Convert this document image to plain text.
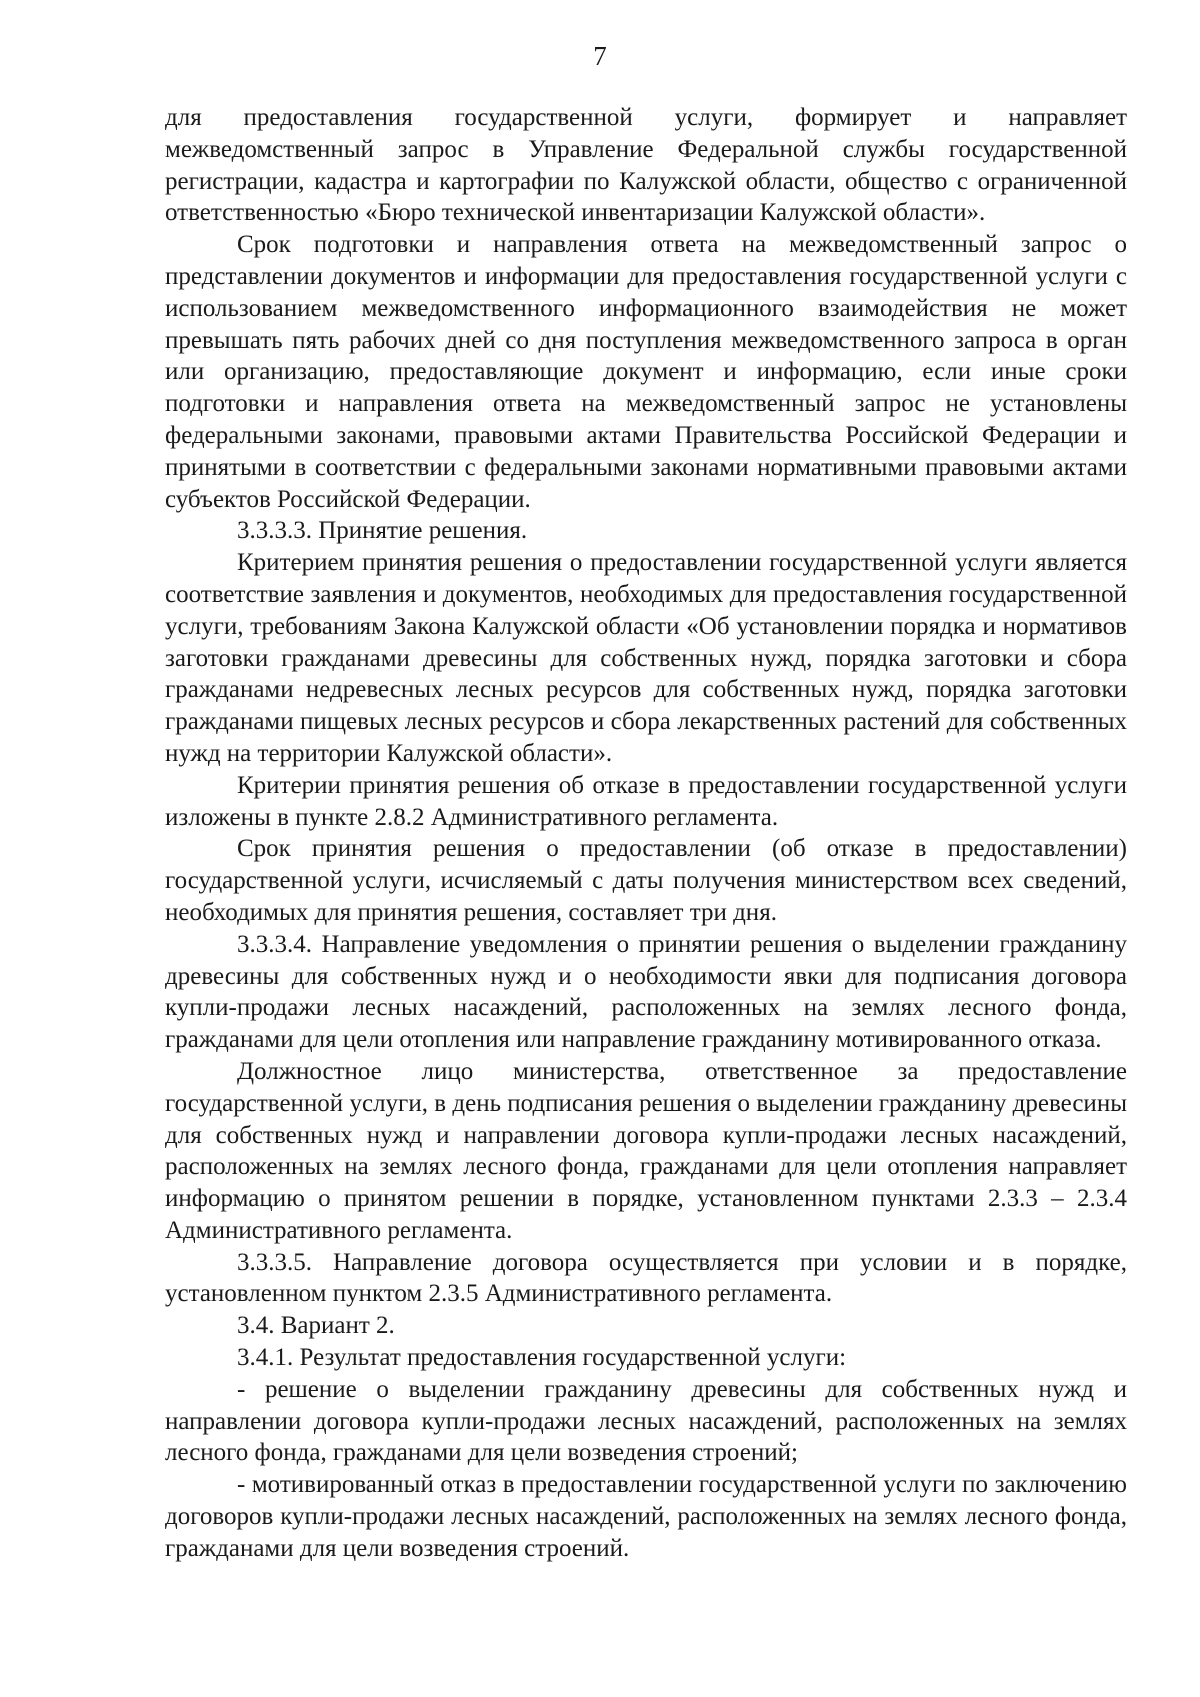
7

для предоставления государственной услуги, формирует и направляет межведомственный запрос в Управление Федеральной службы государственной регистрации, кадастра и картографии по Калужской области, общество с ограниченной ответственностью «Бюро технической инвентаризации Калужской области».

Срок подготовки и направления ответа на межведомственный запрос о представлении документов и информации для предоставления государственной услуги с использованием межведомственного информационного взаимодействия не может превышать пять рабочих дней со дня поступления межведомственного запроса в орган или организацию, предоставляющие документ и информацию, если иные сроки подготовки и направления ответа на межведомственный запрос не установлены федеральными законами, правовыми актами Правительства Российской Федерации и принятыми в соответствии с федеральными законами нормативными правовыми актами субъектов Российской Федерации.

3.3.3.3. Принятие решения.

Критерием принятия решения о предоставлении государственной услуги является соответствие заявления и документов, необходимых для предоставления государственной услуги, требованиям Закона Калужской области «Об установлении порядка и нормативов заготовки гражданами древесины для собственных нужд, порядка заготовки и сбора гражданами недревесных лесных ресурсов для собственных нужд, порядка заготовки гражданами пищевых лесных ресурсов и сбора лекарственных растений для собственных нужд на территории Калужской области».

Критерии принятия решения об отказе в предоставлении государственной услуги изложены в пункте 2.8.2 Административного регламента.

Срок принятия решения о предоставлении (об отказе в предоставлении) государственной услуги, исчисляемый с даты получения министерством всех сведений, необходимых для принятия решения, составляет три дня.

3.3.3.4. Направление уведомления о принятии решения о выделении гражданину древесины для собственных нужд и о необходимости явки для подписания договора купли-продажи лесных насаждений, расположенных на землях лесного фонда, гражданами для цели отопления или направление гражданину мотивированного отказа.

Должностное лицо министерства, ответственное за предоставление государственной услуги, в день подписания решения о выделении гражданину древесины для собственных нужд и направлении договора купли-продажи лесных насаждений, расположенных на землях лесного фонда, гражданами для цели отопления направляет информацию о принятом решении в порядке, установленном пунктами 2.3.3 – 2.3.4 Административного регламента.

3.3.3.5. Направление договора осуществляется при условии и в порядке, установленном пунктом 2.3.5 Административного регламента.

3.4. Вариант 2.

3.4.1. Результат предоставления государственной услуги:

- решение о выделении гражданину древесины для собственных нужд и направлении договора купли-продажи лесных насаждений, расположенных на землях лесного фонда, гражданами для цели возведения строений;

- мотивированный отказ в предоставлении государственной услуги по заключению договоров купли-продажи лесных насаждений, расположенных на землях лесного фонда, гражданами для цели возведения строений.
